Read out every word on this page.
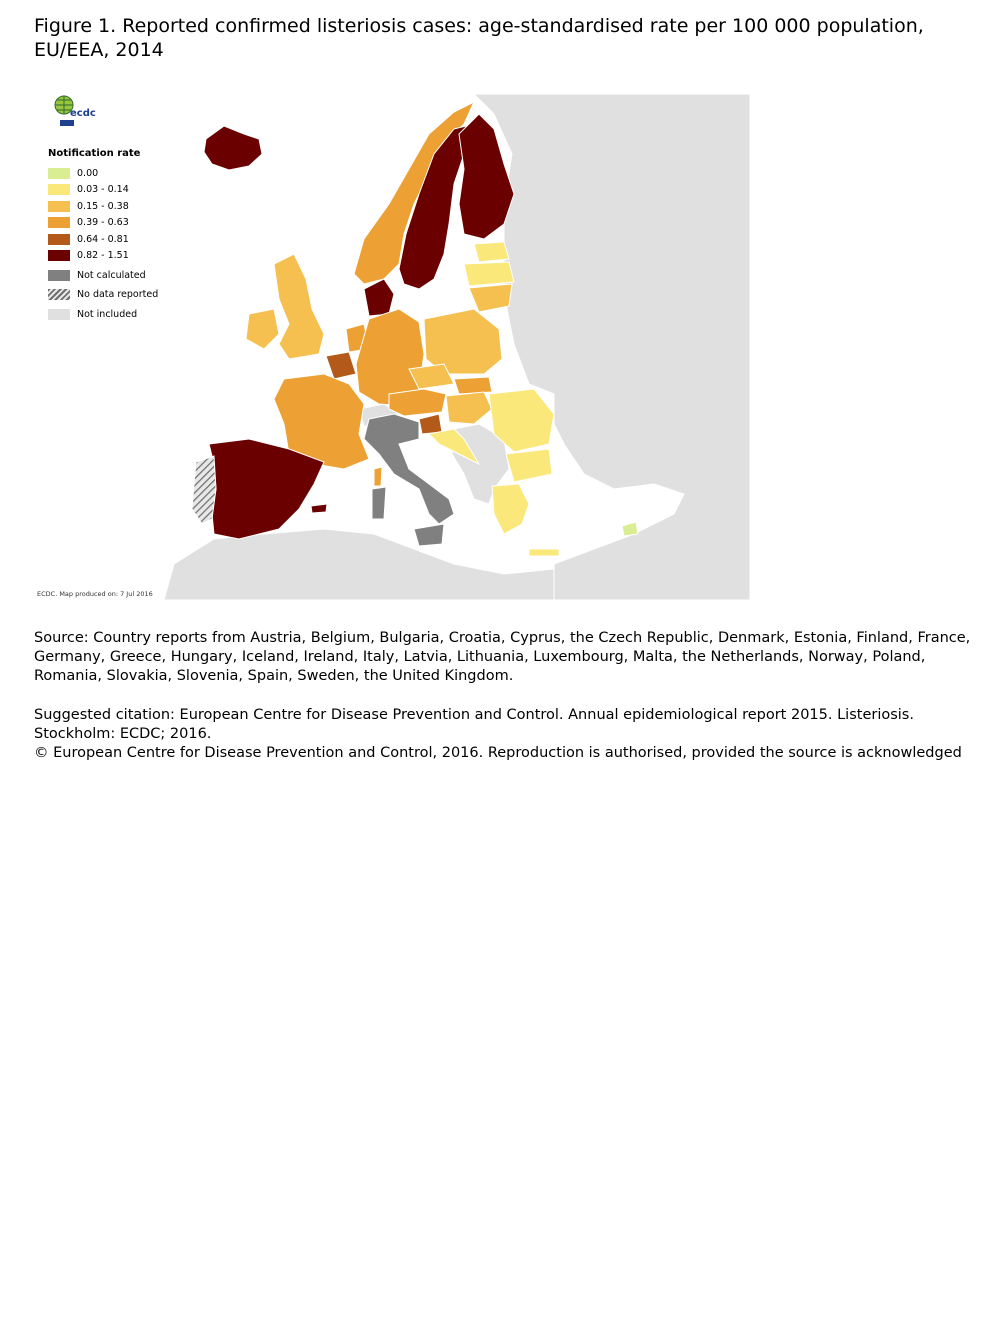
Figure 1. Reported confirmed listeriosis cases: age-standardised rate per 100 000 population, EU/EEA, 2014
ecdc
Notification rate
0.00
0.03 - 0.14
0.15 - 0.38
0.39 - 0.63
0.64 - 0.81
0.82 - 1.51
Not calculated
No data reported
Not included
ECDC. Map produced on: 7 Jul 2016
Source: Country reports from Austria, Belgium, Bulgaria, Croatia, Cyprus, the Czech Republic, Denmark, Estonia, Finland, France, Germany, Greece, Hungary, Iceland, Ireland, Italy, Latvia, Lithuania, Luxembourg, Malta, the Netherlands, Norway, Poland, Romania, Slovakia, Slovenia, Spain, Sweden, the United Kingdom.
Suggested citation: European Centre for Disease Prevention and Control. Annual epidemiological report 2015. Listeriosis. Stockholm: ECDC; 2016.
© European Centre for Disease Prevention and Control, 2016. Reproduction is authorised, provided the source is acknowledged
